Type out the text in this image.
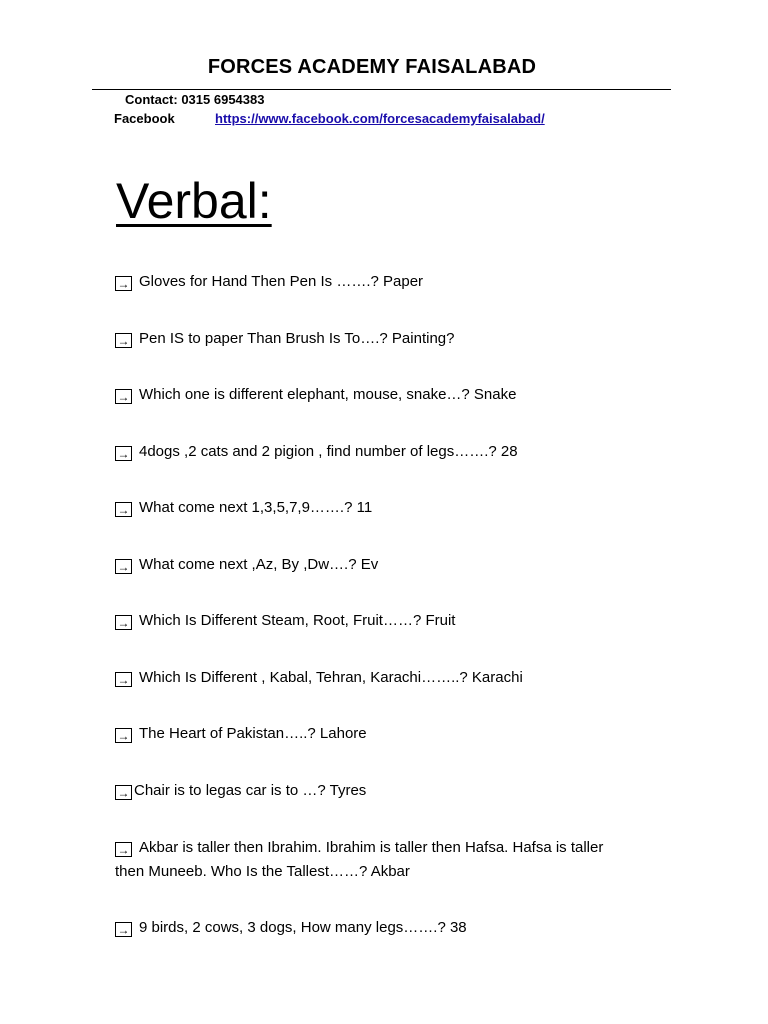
FORCES ACADEMY FAISALABAD
Contact: 0315 6954383
Facebook	https://www.facebook.com/forcesacademyfaisalabad/
Verbal:
→ Gloves for Hand Then Pen Is …….? Paper
→ Pen IS to paper Than Brush Is To….? Painting?
→ Which one is different elephant, mouse, snake…? Snake
→ 4dogs ,2 cats and 2 pigion , find number of legs…….? 28
→ What come next 1,3,5,7,9…….? 11
→ What come next ,Az, By ,Dw….? Ev
→ Which Is Different Steam, Root, Fruit……? Fruit
→ Which Is Different , Kabal, Tehran, Karachi……..? Karachi
→ The Heart of Pakistan…..? Lahore
→ Chair is to legas car is to …? Tyres
→ Akbar is taller then Ibrahim. Ibrahim is taller then Hafsa. Hafsa is taller then Muneeb. Who Is the Tallest……? Akbar
→ 9 birds, 2 cows, 3 dogs, How many legs…….? 38
